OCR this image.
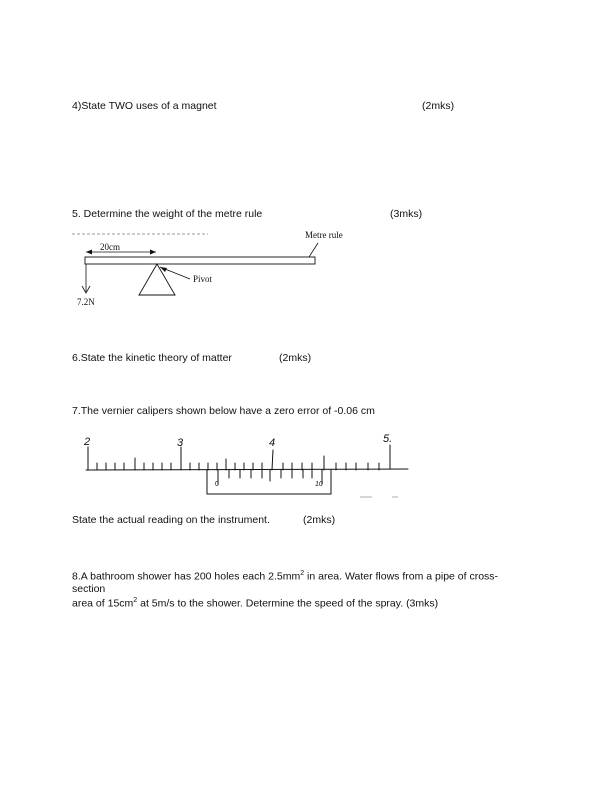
4)State TWO uses of a magnet	(2mks)
5. Determine the weight of the metre rule	(3mks)
20cm
Metre rule
Pivot
7.2N
6.State the kinetic theory of matter	(2mks)
7.The vernier calipers shown below have a zero error of -0.06 cm
2	3	4	5.
0	10
State the actual reading on the instrument.	(2mks)
8.A bathroom shower has 200 holes each $2.5mm^2$ in area. Water flows from a pipe of cross-
section
area of $15cm^2$ at 5m/s to the shower. Determine the speed of the spray. (3mks)
